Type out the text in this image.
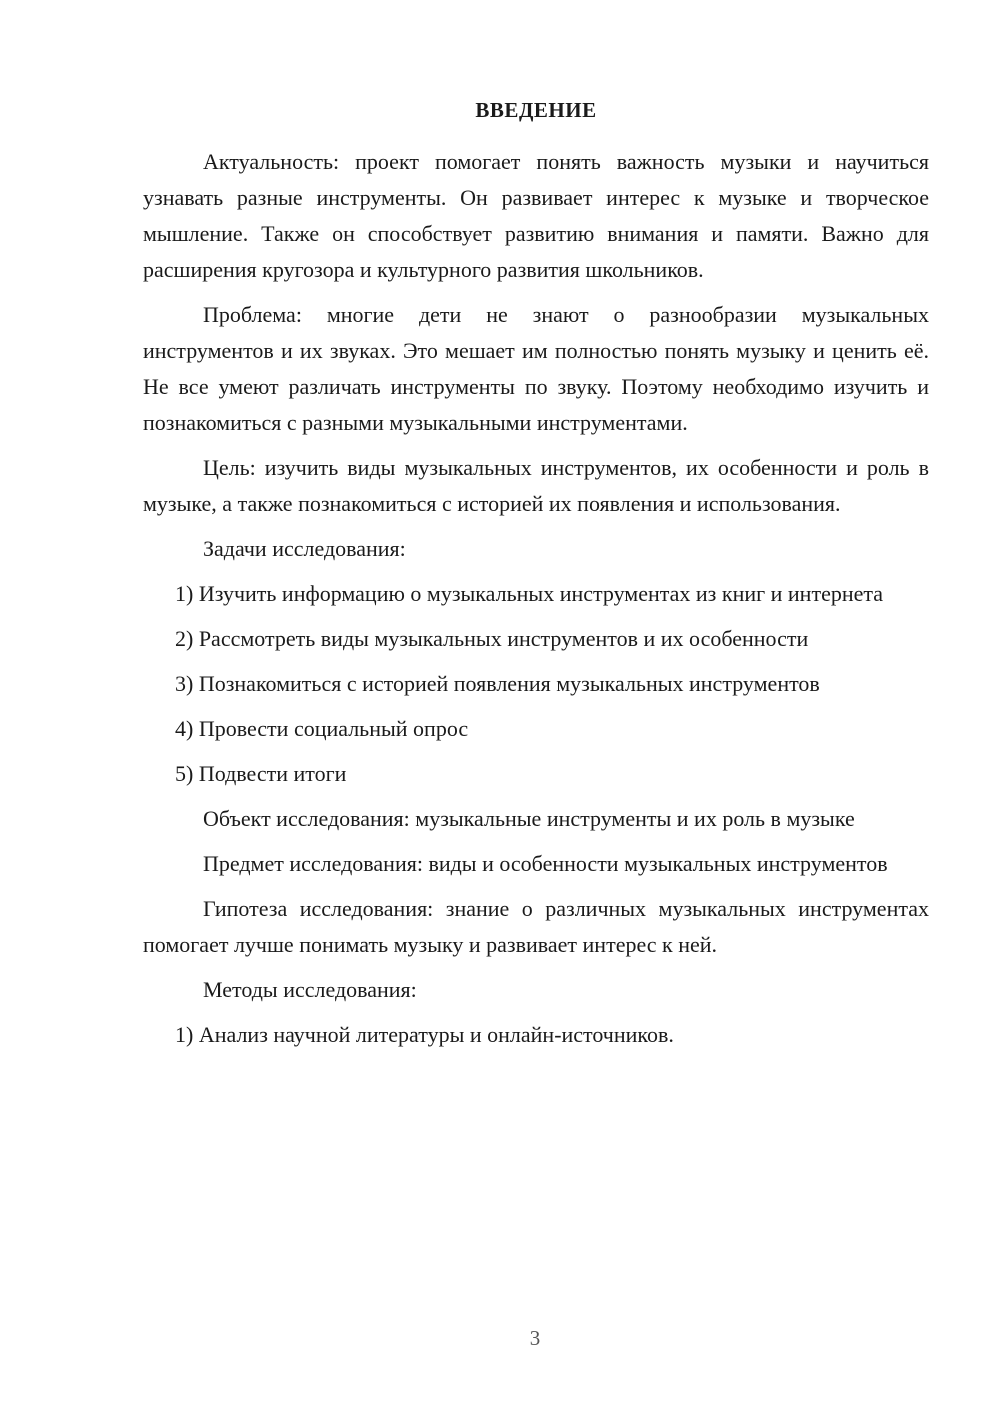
ВВЕДЕНИЕ

Актуальность: проект помогает понять важность музыки и научиться узнавать разные инструменты. Он развивает интерес к музыке и творческое мышление. Также он способствует развитию внимания и памяти. Важно для расширения кругозора и культурного развития школьников.

Проблема: многие дети не знают о разнообразии музыкальных инструментов и их звуках. Это мешает им полностью понять музыку и ценить её. Не все умеют различать инструменты по звуку. Поэтому необходимо изучить и познакомиться с разными музыкальными инструментами.

Цель: изучить виды музыкальных инструментов, их особенности и роль в музыке, а также познакомиться с историей их появления и использования.

Задачи исследования:

1) Изучить информацию о музыкальных инструментах из книг и интернета

2) Рассмотреть виды музыкальных инструментов и их особенности

3) Познакомиться с историей появления музыкальных инструментов

4) Провести социальный опрос

5) Подвести итоги

Объект исследования: музыкальные инструменты и их роль в музыке

Предмет исследования: виды и особенности музыкальных инструментов

Гипотеза исследования: знание о различных музыкальных инструментах помогает лучше понимать музыку и развивает интерес к ней.

Методы исследования:

1) Анализ научной литературы и онлайн-источников.

3
